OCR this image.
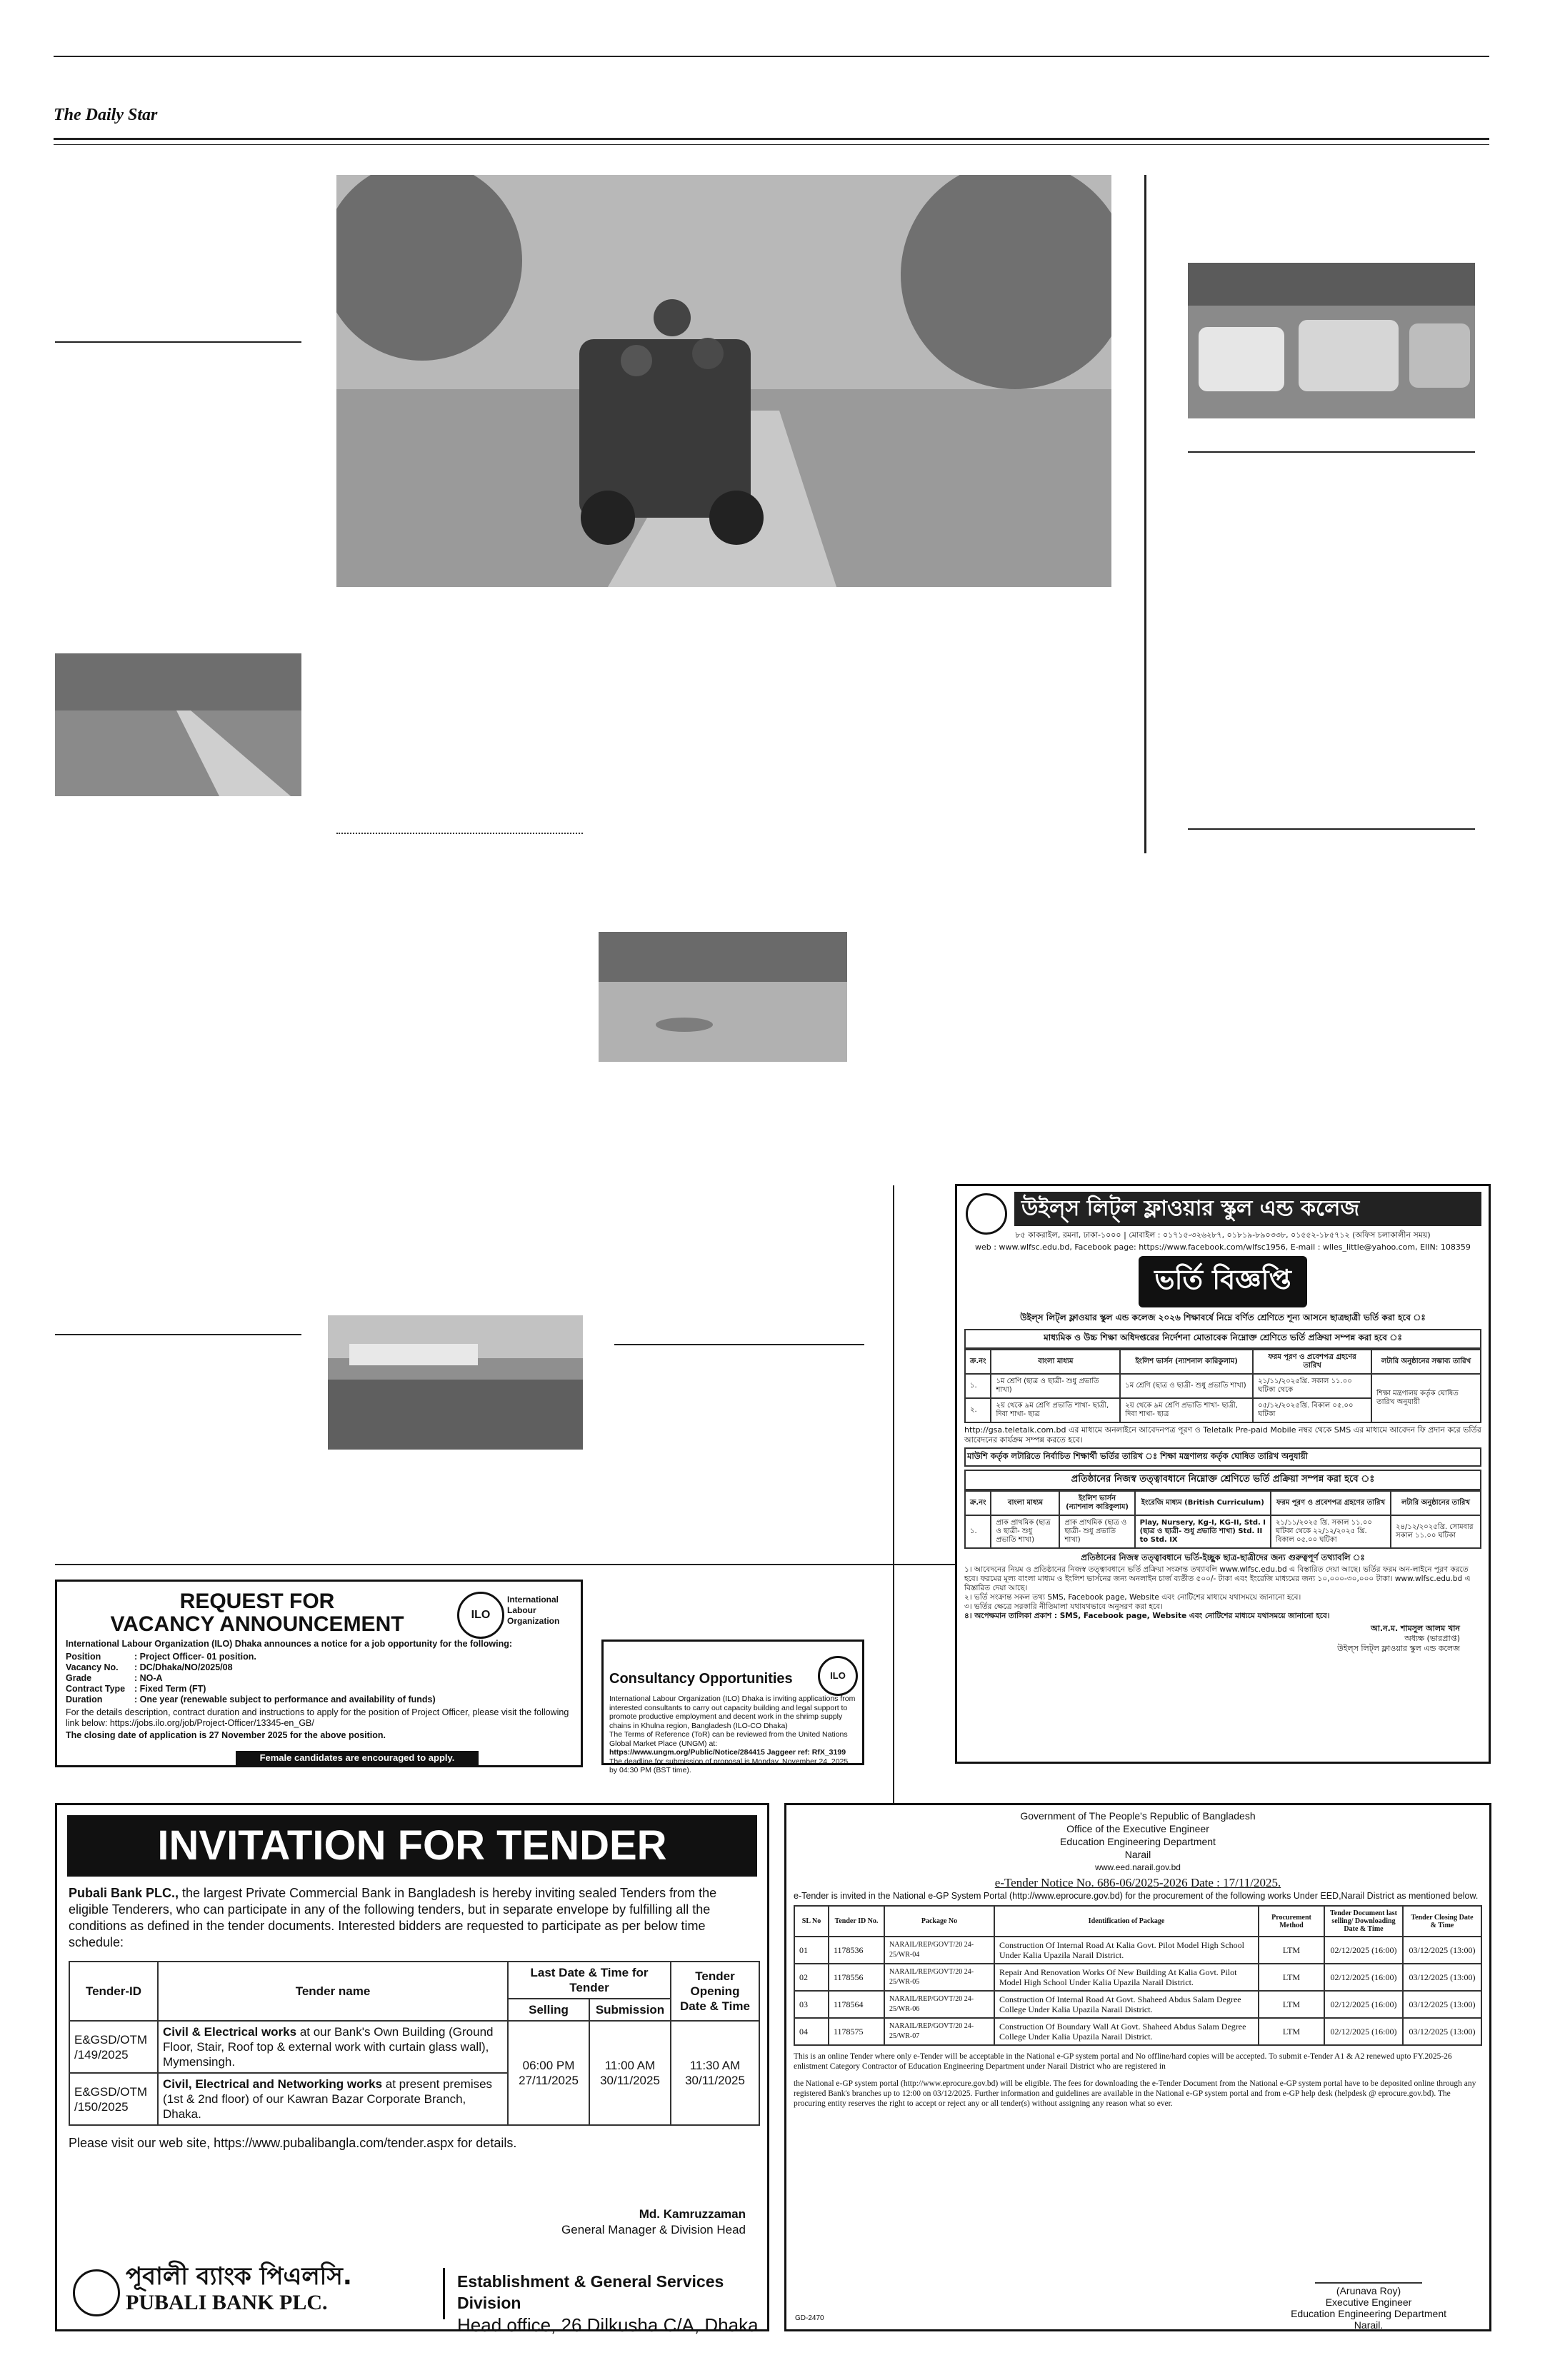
The Daily Star
REQUEST FOR
VACANCY ANNOUNCEMENT	ILO
International
Labour
Organization
International Labour Organization (ILO) Dhaka announces a notice for a job opportunity for the following:
Position	: Project Officer- 01 position.
Vacancy No.	: DC/Dhaka/NO/2025/08
Grade	: NO-A
Contract Type	: Fixed Term (FT)
Duration	: One year (renewable subject to performance and availability of funds)
For the details description, contract duration and instructions to apply for the position of Project Officer, please visit the following link below: https://jobs.ilo.org/job/Project-Officer/13345-en_GB/
The closing date of application is 27 November 2025 for the above position.
Female candidates are encouraged to apply.
Consultancy Opportunities	ILO
International Labour Organization (ILO) Dhaka is inviting applications from interested consultants to carry out capacity building and legal support to promote productive employment and decent work in the shrimp supply chains in Khulna region, Bangladesh (ILO-CO Dhaka)
The Terms of Reference (ToR) can be reviewed from the United Nations Global Market Place (UNGM) at:
https://www.ungm.org/Public/Notice/284415 Jaggeer ref: RfX_3199
The deadline for submission of proposal is Monday, November 24, 2025, by 04:30 PM (BST time).
উইল্‌স লিট্‌ল ফ্লাওয়ার স্কুল এন্ড কলেজ
৮৫ কাকরাইল, রমনা, ঢাকা-১০০০ | মোবাইল : ০১৭১৫-৩২৬২৮৭, ০১৮১৯-৮৯০৩৩৮, ০১৫৫২-১৮৫৭১২ (অফিস চলাকালীন সময়)
web : www.wlfsc.edu.bd, Facebook page: https://www.facebook.com/wlfsc1956, E-mail : wlles_little@yahoo.com, EIIN: 108359
ভর্তি বিজ্ঞপ্তি
উইল্‌স লিট্‌ল ফ্লাওয়ার স্কুল এন্ড কলেজ ২০২৬ শিক্ষাবর্ষে নিম্নে বর্ণিত শ্রেণিতে শূন্য আসনে ছাত্রছাত্রী ভর্তি করা হবে ঃ
মাধ্যমিক ও উচ্চ শিক্ষা অধিদপ্তরের নির্দেশনা মোতাবেক নিম্নোক্ত শ্রেণিতে ভর্তি প্রক্রিয়া সম্পন্ন করা হবে ঃ
ক্র.নং	বাংলা মাধ্যম	ইংলিশ ভার্সন (ন্যাশনাল কারিকুলাম)	ফরম পূরণ ও প্রবেশপত্র গ্রহণের তারিখ	লটারি অনুষ্ঠানের সম্ভাব্য তারিখ
১.	১ম শ্রেণি (ছাত্র ও ছাত্রী- শুধু প্রভাতি শাখা)	১ম শ্রেণি (ছাত্র ও ছাত্রী- শুধু প্রভাতি শাখা)	২১/১১/২০২৫খ্রি. সকাল ১১.০০ ঘটিকা থেকে	শিক্ষা মন্ত্রণালয় কর্তৃক ঘোষিত তারিখ অনুযায়ী
২.	২য় থেকে ৯ম শ্রেণি প্রভাতি শাখা- ছাত্রী, দিবা শাখা- ছাত্র	২য় থেকে ৯ম শ্রেণি প্রভাতি শাখা- ছাত্রী, দিবা শাখা- ছাত্র	০৫/১২/২০২৫খ্রি. বিকাল ০৫.০০ ঘটিকা	
http://gsa.teletalk.com.bd এর মাধ্যমে অনলাইনে আবেদনপত্র পূরণ ও Teletalk Pre-paid Mobile নম্বর থেকে SMS এর মাধ্যমে আবেদন ফি প্রদান করে ভর্তির আবেদনের কার্যক্রম সম্পন্ন করতে হবে।
মাউশি কর্তৃক লটারিতে নির্বাচিত শিক্ষার্থী ভর্তির তারিখ ঃ শিক্ষা মন্ত্রণালয় কর্তৃক ঘোষিত তারিখ অনুযায়ী
প্রতিষ্ঠানের নিজস্ব তত্ত্বাবধানে নিম্নোক্ত শ্রেণিতে ভর্তি প্রক্রিয়া সম্পন্ন করা হবে ঃ
ক্র.নং	বাংলা মাধ্যম	ইংলিশ ভার্সন (ন্যাশনাল কারিকুলাম)	ইংরেজি মাধ্যম (British Curriculum)	ফরম পূরণ ও প্রবেশপত্র গ্রহণের তারিখ	লটারি অনুষ্ঠানের তারিখ
১.	প্রাক প্রাথমিক (ছাত্র ও ছাত্রী- শুধু প্রভাতি শাখা)	প্রাক প্রাথমিক (ছাত্র ও ছাত্রী- শুধু প্রভাতি শাখা)	Play, Nursery, Kg-I, KG-II, Std. I (ছাত্র ও ছাত্রী- শুধু প্রভাতি শাখা) Std. II to Std. IX	২১/১১/২০২৫ খ্রি. সকাল ১১.০০ ঘটিকা থেকে ২২/১২/২০২৫ খ্রি. বিকাল ০৫.০০ ঘটিকা	২৪/১২/২০২৫খ্রি. সোমবার সকাল ১১.০০ ঘটিকা
প্রতিষ্ঠানের নিজস্ব তত্ত্বাবধানে ভর্তি-ইচ্ছুক ছাত্র-ছাত্রীদের জন্য গুরুত্বপূর্ণ তথ্যাবলি ঃ
১। আবেদনের নিয়ম ও প্রতিষ্ঠানের নিজস্ব তত্ত্বাবধানে ভর্তি প্রক্রিয়া সংক্রান্ত তথ্যাবলি www.wlfsc.edu.bd এ বিস্তারিত দেয়া আছে। ভর্তির ফরম অন-লাইনে পূরণ করতে হবে। ফরমের মূল্য বাংলা মাধ্যম ও ইংলিশ ভার্সনের জন্য অনলাইন চার্জ ব্যতীত ৫০০/- টাকা এবং ইংরেজি মাধ্যমের জন্য ১০,০০০-৩০,০০০ টাকা। www.wlfsc.edu.bd এ বিস্তারিত দেয়া আছে।
২। ভর্তি সংক্রান্ত সকল তথ্য SMS, Facebook page, Website এবং নোটিশের মাধ্যমে যথাসময়ে জানানো হবে।
৩। ভর্তির ক্ষেত্রে সরকারি নীতিমালা যথাযথভাবে অনুসরণ করা হবে।
৪। অপেক্ষমান তালিকা প্রকাশ : SMS, Facebook page, Website এবং নোটিশের মাধ্যমে যথাসময়ে জানানো হবে।
আ.ন.ম. শামসুল আলম খান
অধ্যক্ষ (ভারপ্রাপ্ত)
উইল্‌স লিট্‌ল ফ্লাওয়ার স্কুল এন্ড কলেজ
INVITATION FOR TENDER
Pubali Bank PLC., the largest Private Commercial Bank in Bangladesh is hereby inviting sealed Tenders from the eligible Tenderers, who can participate in any of the following tenders, but in separate envelope by fulfilling all the conditions as defined in the tender documents. Interested bidders are requested to participate as per below time schedule:
Tender-ID	Tender name	Last Date & Time for Tender		Tender Opening Date & Time
		Selling	Submission	
E&GSD/OTM /149/2025	Civil & Electrical works at our Bank's Own Building (Ground Floor, Stair, Roof top & external work with curtain glass wall), Mymensingh.	06:00 PM 27/11/2025	11:00 AM 30/11/2025	11:30 AM 30/11/2025
E&GSD/OTM /150/2025	Civil, Electrical and Networking works at present premises (1st & 2nd floor) of our Kawran Bazar Corporate Branch, Dhaka.			
Please visit our web site, https://www.pubalibangla.com/tender.aspx for details.
Md. Kamruzzaman
General Manager & Division Head
পূবালী ব্যাংক পিএলসি.
PUBALI BANK PLC.
Establishment & General Services Division
Head office, 26 Dilkusha C/A, Dhaka.
Government of The People's Republic of Bangladesh
Office of the Executive Engineer
Education Engineering Department
Narail
www.eed.narail.gov.bd
e-Tender Notice No. 686-06/2025-2026 Date : 17/11/2025.
e-Tender is invited in the National e-GP System Portal (http://www.eprocure.gov.bd) for the procurement of the following works Under EED,Narail District as mentioned below.
SL No	Tender ID No.	Package No	Identification of Package	Procurement Method	Tender Document last selling/ Downloading Date & Time	Tender Closing Date & Time
01	1178536	NARAIL/REP/GOVT/20 24-25/WR-04	Construction Of Internal Road At Kalia Govt. Pilot Model High School Under Kalia Upazila Narail District.	LTM	02/12/2025 (16:00)	03/12/2025 (13:00)
02	1178556	NARAIL/REP/GOVT/20 24-25/WR-05	Repair And Renovation Works Of New Building At Kalia Govt. Pilot Model High School Under Kalia Upazila Narail District.	LTM	02/12/2025 (16:00)	03/12/2025 (13:00)
03	1178564	NARAIL/REP/GOVT/20 24-25/WR-06	Construction Of Internal Road At Govt. Shaheed Abdus Salam Degree College Under Kalia Upazila Narail District.	LTM	02/12/2025 (16:00)	03/12/2025 (13:00)
04	1178575	NARAIL/REP/GOVT/20 24-25/WR-07	Construction Of Boundary Wall At Govt. Shaheed Abdus Salam Degree College Under Kalia Upazila Narail District.	LTM	02/12/2025 (16:00)	03/12/2025 (13:00)
This is an online Tender where only e-Tender will be acceptable in the National e-GP system portal and No offline/hard copies will be accepted. To submit e-Tender A1 & A2 renewed upto FY.2025-26 enlistment Category Contractor of Education Engineering Department under Narail District who are registered in
the National e-GP system portal (http://www.eprocure.gov.bd) will be eligible. The fees for downloading the e-Tender Document from the National e-GP system portal have to be deposited online through any registered Bank's branches up to 12:00 on 03/12/2025. Further information and guidelines are available in the National e-GP system portal and from e-GP help desk (helpdesk @ eprocure.gov.bd). The procuring entity reserves the right to accept or reject any or all tender(s) without assigning any reason what so ever.
(Arunava Roy)
Executive Engineer
Education Engineering Department
Narail.
GD-2470
